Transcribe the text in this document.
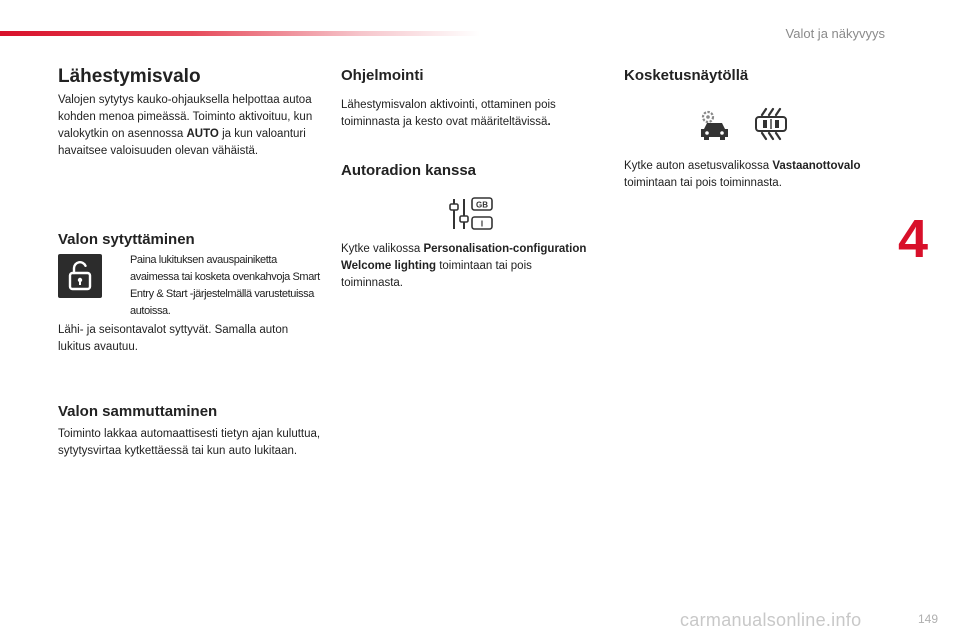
Valot ja näkyvyys
4
Lähestymisvalo

Valojen sytytys kauko-ohjauksella helpottaa autoa kohden menoa pimeässä. Toiminto aktivoituu, kun valokytkin on asennossa AUTO ja kun valoanturi havaitsee valoisuuden olevan vähäistä.

Valon sytyttäminen
Paina lukituksen avauspainiketta avaimessa tai kosketa ovenkahvoja Smart Entry & Start -järjestelmällä varustetuissa autoissa.

Lähi- ja seisontavalot syttyvät. Samalla auton lukitus avautuu.

Valon sammuttaminen

Toiminto lakkaa automaattisesti tietyn ajan kuluttua, sytytysvirtaa kytkettäessä tai kun auto lukitaan.

Ohjelmointi

Lähestymisvalon aktivointi, ottaminen pois toiminnasta ja kesto ovat määriteltävissä.

Autoradion kanssa
GB
I

Kytke valikossa Personalisation-configuration Welcome lighting toimintaan tai pois toiminnasta.

Kosketusnäytöllä

Kytke auton asetusvalikossa Vastaanottovalo toimintaan tai pois toiminnasta.

carmanualsonline.info	149
